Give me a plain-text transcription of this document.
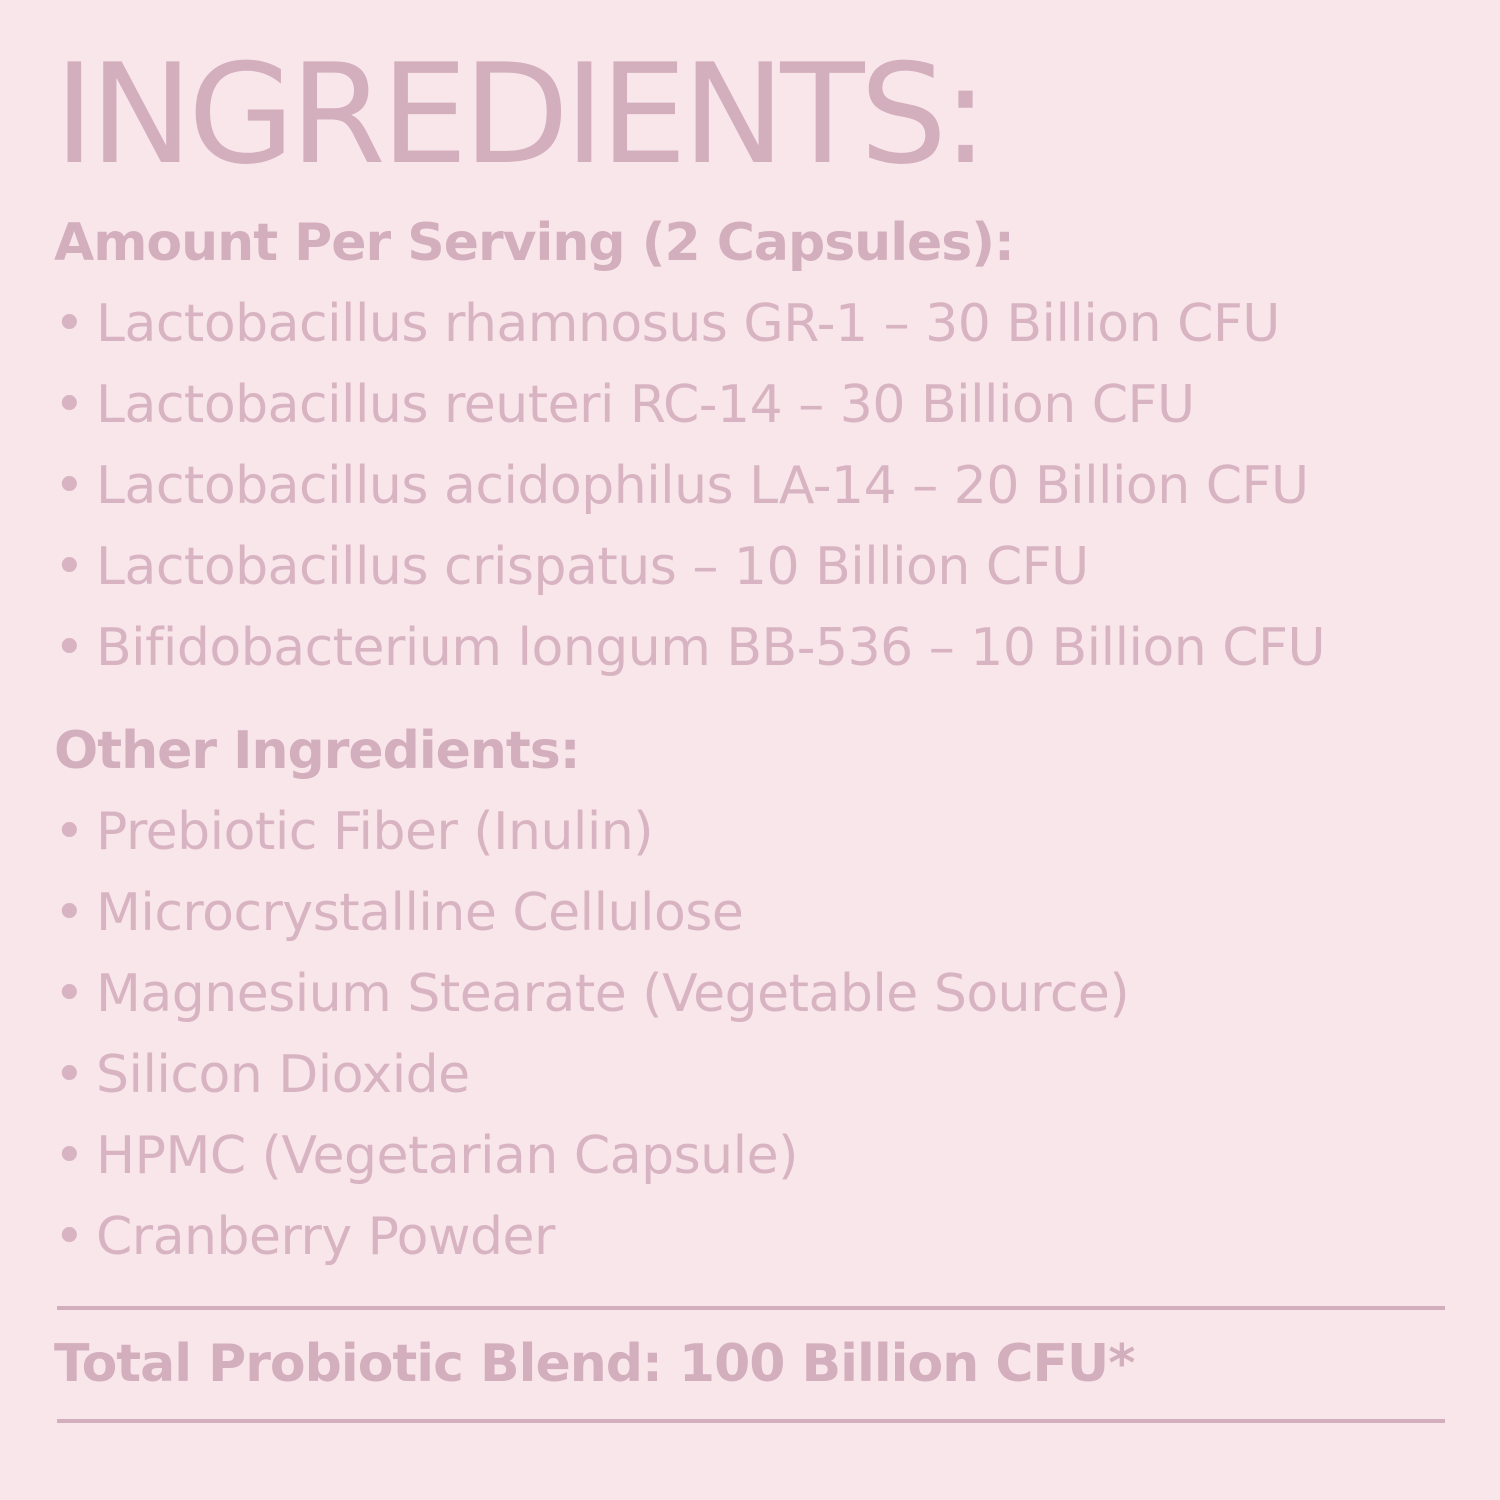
INGREDIENTS:
Amount Per Serving (2 Capsules):
• Lactobacillus rhamnosus GR-1 – 30 Billion CFU
• Lactobacillus reuteri RC-14 – 30 Billion CFU
• Lactobacillus acidophilus LA-14 – 20 Billion CFU
• Lactobacillus crispatus – 10 Billion CFU
• Bifidobacterium longum BB-536 – 10 Billion CFU
Other Ingredients:
• Prebiotic Fiber (Inulin)
• Microcrystalline Cellulose
• Magnesium Stearate (Vegetable Source)
• Silicon Dioxide
• HPMC (Vegetarian Capsule)
• Cranberry Powder

Total Probiotic Blend: 100 Billion CFU*
